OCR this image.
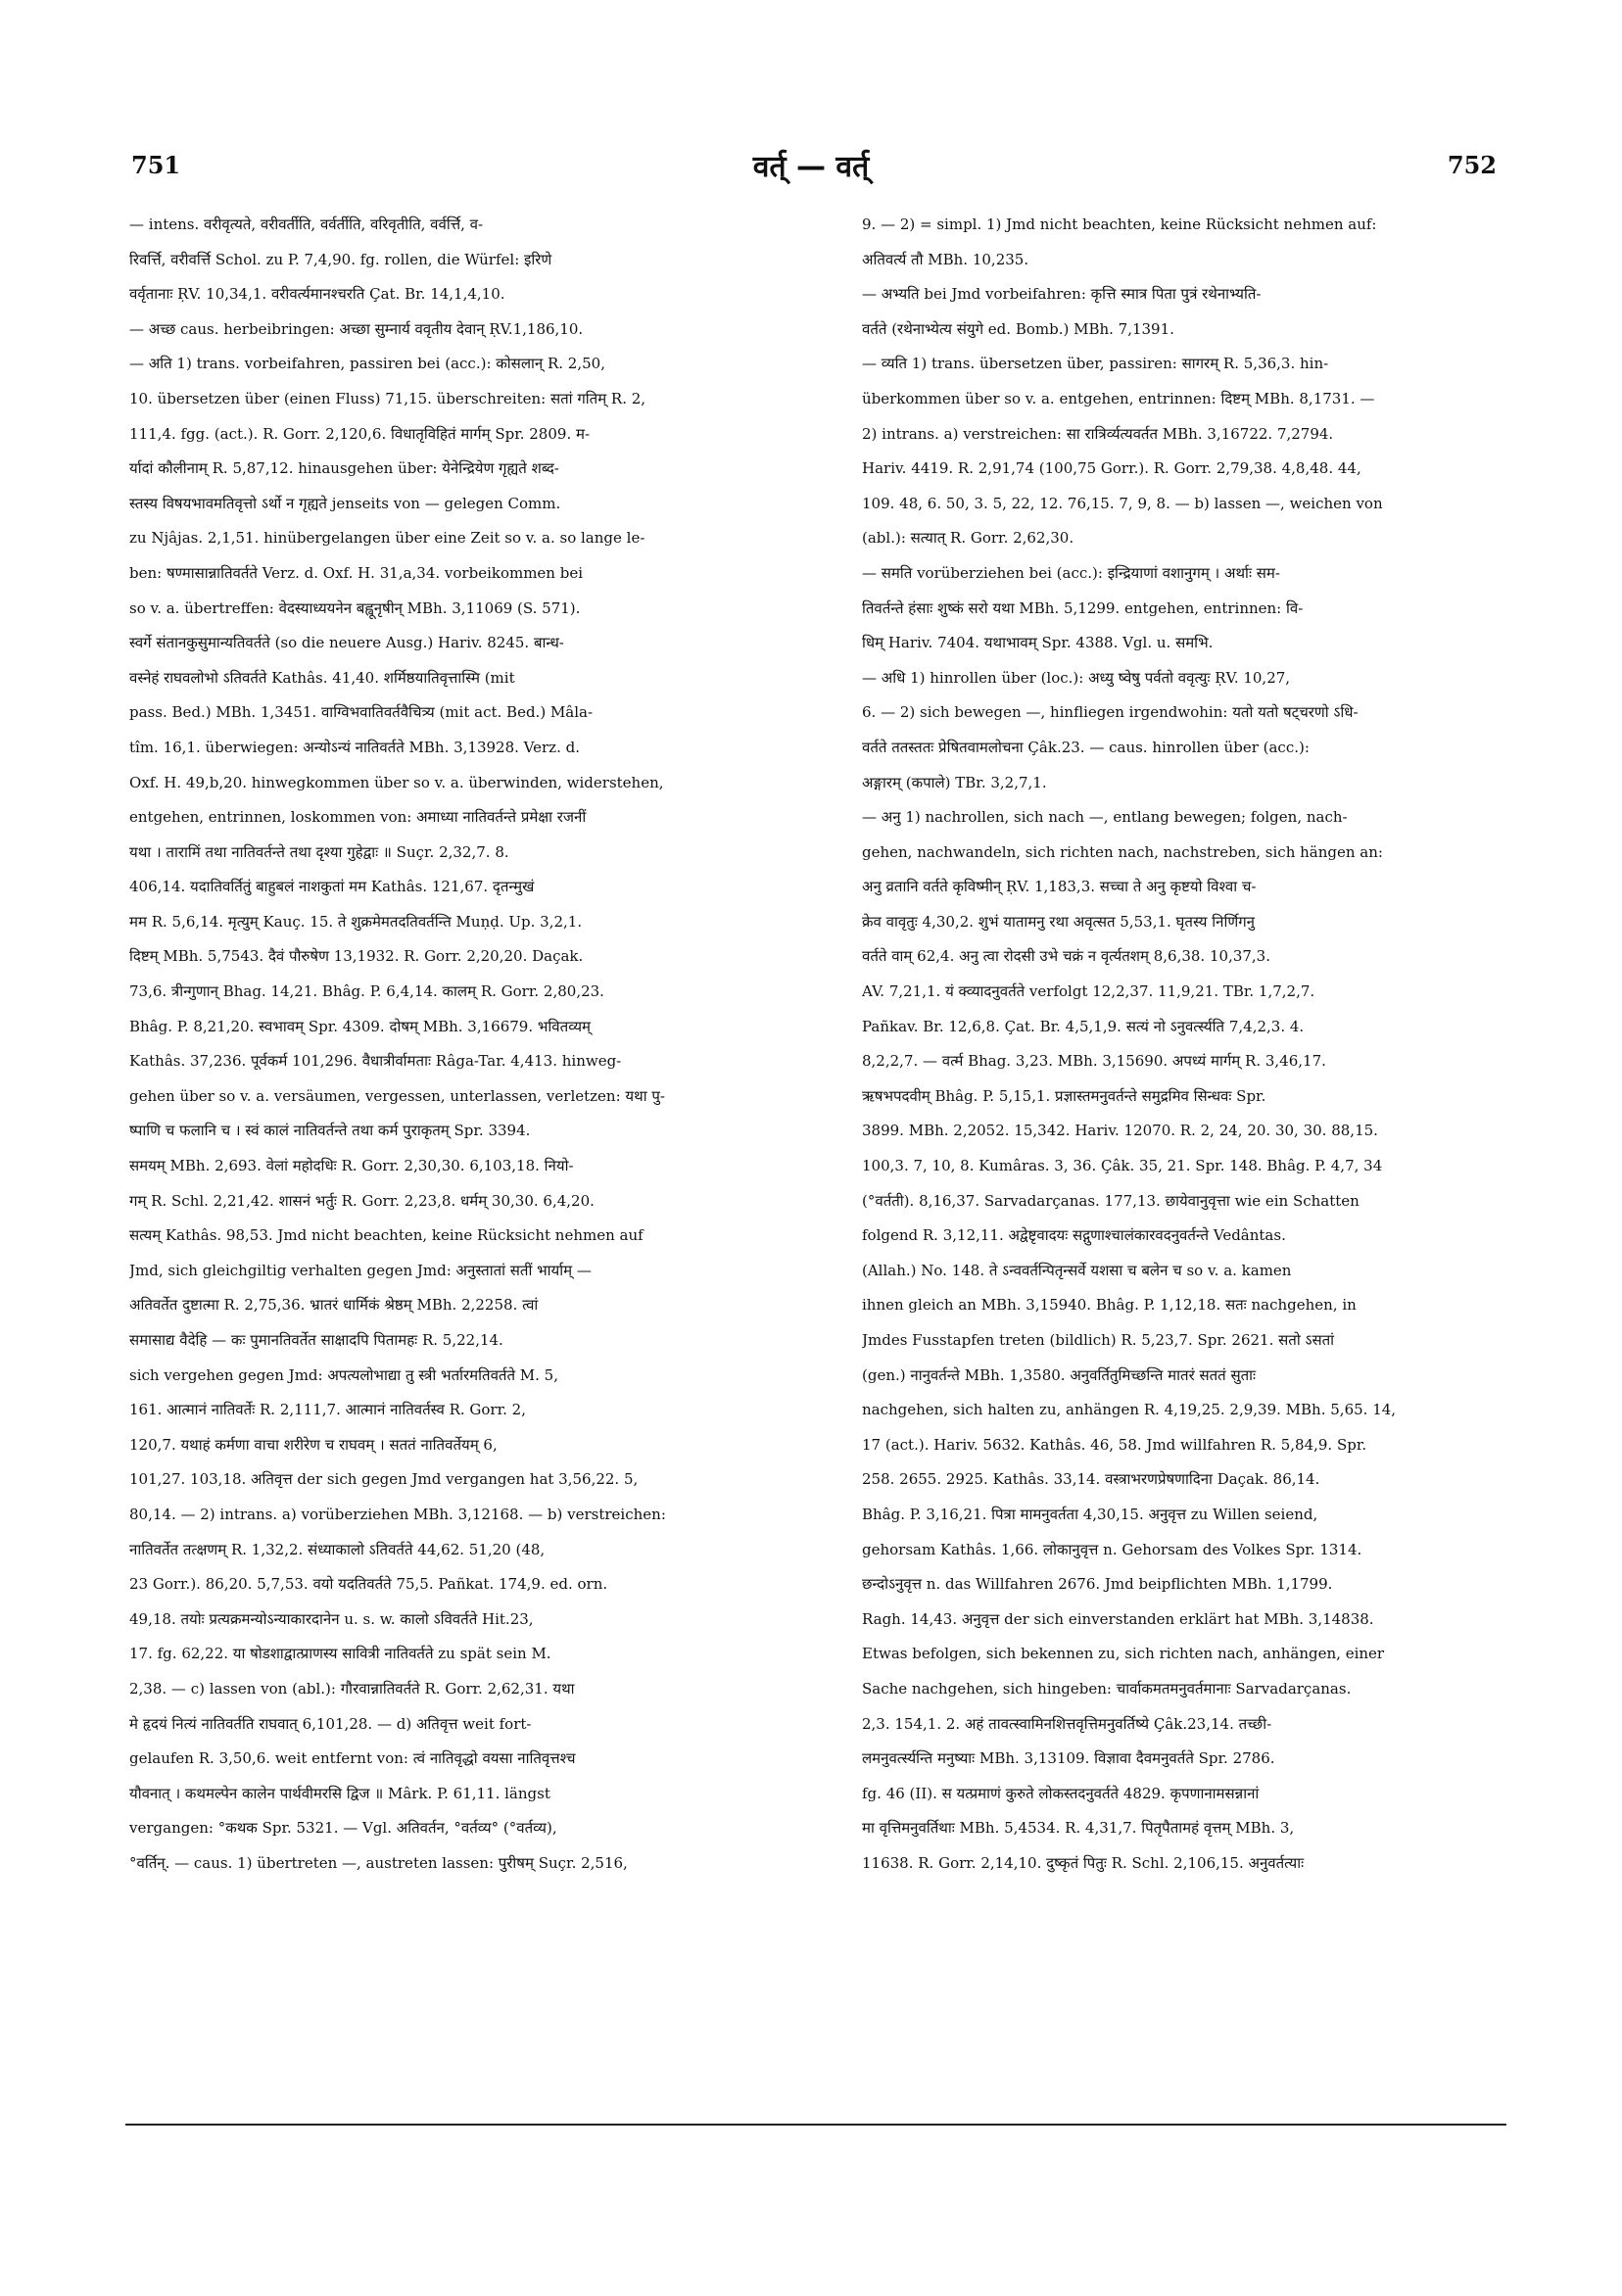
751	वर्त् — वर्त्	752
— intens. वरीवृत्यते, वरीवर्तीति, वर्वर्तीति, वरिवृतीति, वर्वर्त्ति, व-
रिवर्त्ति, वरीवर्त्ति Schol. zu P. 7,4,90. fg. rollen, die Würfel: इरिणे
वर्वृतानाः ṚV. 10,34,1. वरीवर्त्यमानश्चरति Çat. Br. 14,1,4,10.
— अच्छ caus. herbeibringen: अच्छा सुम्नार्य ववृतीय देवान् ṚV.1,186,10.
— अति 1) trans. vorbeifahren, passiren bei (acc.): कोसलान् R. 2,50,
10. übersetzen über (einen Fluss) 71,15. überschreiten: सतां गतिम् R. 2,
111,4. fgg. (act.). R. Gorr. 2,120,6. विधातृविहितं मार्गम् Spr. 2809. म-
र्यादां कौलीनाम् R. 5,87,12. hinausgehen über: येनेन्द्रियेण गृह्यते शब्द-
स्तस्य विषयभावमतिवृत्तो ऽर्थो न गृह्यते jenseits von — gelegen Comm.
zu Njâjas. 2,1,51. hinübergelangen über eine Zeit so v. a. so lange le-
ben: षण्मासान्नातिवर्तते Verz. d. Oxf. H. 31,a,34. vorbeikommen bei
so v. a. übertreffen: वेदस्याध्ययनेन बह्वूनृषीन् MBh. 3,11069 (S. 571).
स्वर्गे संतानकुसुमान्यतिवर्तते (so die neuere Ausg.) Hariv. 8245. बान्ध-
वस्नेहं राघवलोभो ऽतिवर्तते Kathâs. 41,40. शर्मिष्ठयातिवृत्तास्मि (mit
pass. Bed.) MBh. 1,3451. वाग्विभवातिवर्तवैचित्र्य (mit act. Bed.) Mâla-
tîm. 16,1. überwiegen: अन्योऽन्यं नातिवर्तते MBh. 3,13928. Verz. d.
Oxf. H. 49,b,20. hinwegkommen über so v. a. überwinden, widerstehen,
entgehen, entrinnen, loskommen von: अमाध्या नातिवर्तन्ते प्रमेक्षा रजनीं
यथा । तारामिं तथा नातिवर्तन्ते तथा दृश्या गुहेद्वाः ॥ Suçr. 2,32,7. 8.
406,14. यदातिवर्तितुं बाहुबलं नाशकुतां मम Kathâs. 121,67. दृतन्मुखं
मम R. 5,6,14. मृत्युम् Kauç. 15. ते शुक्रमेमतदतिवर्तन्ति Muṇḍ. Up. 3,2,1.
दिष्टम् MBh. 5,7543. दैवं पौरुषेण 13,1932. R. Gorr. 2,20,20. Daçak.
73,6. त्रीन्गुणान् Bhag. 14,21. Bhâg. P. 6,4,14. कालम् R. Gorr. 2,80,23.
Bhâg. P. 8,21,20. स्वभावम् Spr. 4309. दोषम् MBh. 3,16679. भवितव्यम्
Kathâs. 37,236. पूर्वकर्म 101,296. वैधात्रीर्वामताः Râga-Tar. 4,413. hinweg-
gehen über so v. a. versäumen, vergessen, unterlassen, verletzen: यथा पु-
ष्पाणि च फलानि च । स्वं कालं नातिवर्तन्ते तथा कर्म पुराकृतम् Spr. 3394.
समयम् MBh. 2,693. वेलां महोदधिः R. Gorr. 2,30,30. 6,103,18. नियो-
गम् R. Schl. 2,21,42. शासनं भर्तुः R. Gorr. 2,23,8. धर्मम् 30,30. 6,4,20.
सत्यम् Kathâs. 98,53. Jmd nicht beachten, keine Rücksicht nehmen auf
Jmd, sich gleichgiltig verhalten gegen Jmd: अनुस्तातां सतीं भार्याम् —
अतिवर्तेत दुष्टात्मा R. 2,75,36. भ्रातरं धार्मिकं श्रेष्ठम् MBh. 2,2258. त्वां
समासाद्य वैदेहि — कः पुमानतिवर्तेत साक्षादपि पितामहः R. 5,22,14.
sich vergehen gegen Jmd: अपत्यलोभाद्या तु स्त्री भर्तारमतिवर्तते M. 5,
161. आत्मानं नातिवर्तेः R. 2,111,7. आत्मानं नातिवर्तस्व R. Gorr. 2,
120,7. यथाहं कर्मणा वाचा शरीरेण च राघवम् । सततं नातिवर्तेयम् 6,
101,27. 103,18. अतिवृत्त der sich gegen Jmd vergangen hat 3,56,22. 5,
80,14. — 2) intrans. a) vorüberziehen MBh. 3,12168. — b) verstreichen:
नातिवर्तेत तत्क्षणम् R. 1,32,2. संध्याकालो ऽतिवर्तते 44,62. 51,20 (48,
23 Gorr.). 86,20. 5,7,53. वयो यदतिवर्तते 75,5. Pañkat. 174,9. ed. orn.
49,18. तयोः प्रत्यक्रमन्योऽन्याकारदानेन u. s. w. कालो ऽविवर्तते Hit.23,
17. fg. 62,22. या षोडशाद्वात्प्राणस्य सावित्री नातिवर्तते zu spät sein M.
2,38. — c) lassen von (abl.): गौरवान्नातिवर्तते R. Gorr. 2,62,31. यथा
मे हृदयं नित्यं नातिवर्तति राघवात् 6,101,28. — d) अतिवृत्त weit fort-
gelaufen R. 3,50,6. weit entfernt von: त्वं नातिवृद्धो वयसा नातिवृत्तश्च
यौवनात् । कथमल्पेन कालेन पार्थवीमरसि द्विज ॥ Mârk. P. 61,11. längst
vergangen: °कथक Spr. 5321. — Vgl. अतिवर्तन, °वर्तव्य° (°वर्तव्य),
°वर्तिन्. — caus. 1) übertreten —, austreten lassen: पुरीषम् Suçr. 2,516,
9. — 2) = simpl. 1) Jmd nicht beachten, keine Rücksicht nehmen auf:
अतिवर्त्य तौ MBh. 10,235.
— अभ्यति bei Jmd vorbeifahren: कृत्ति स्मात्र पिता पुत्रं रथेनाभ्यति-
वर्तते (रथेनाभ्येत्य संयुगे ed. Bomb.) MBh. 7,1391.
— व्यति 1) trans. übersetzen über, passiren: सागरम् R. 5,36,3. hin-
überkommen über so v. a. entgehen, entrinnen: दिष्टम् MBh. 8,1731. —
2) intrans. a) verstreichen: सा रात्रिर्व्यत्यवर्तत MBh. 3,16722. 7,2794.
Hariv. 4419. R. 2,91,74 (100,75 Gorr.). R. Gorr. 2,79,38. 4,8,48. 44,
109. 48, 6. 50, 3. 5, 22, 12. 76,15. 7, 9, 8. — b) lassen —, weichen von
(abl.): सत्यात् R. Gorr. 2,62,30.
— समति vorüberziehen bei (acc.): इन्द्रियाणां वशानुगम् । अर्थाः सम-
तिवर्तन्ते हंसाः शुष्कं सरो यथा MBh. 5,1299. entgehen, entrinnen: वि-
धिम् Hariv. 7404. यथाभावम् Spr. 4388. Vgl. u. समभि.
— अधि 1) hinrollen über (loc.): अध्यु ष्वेषु पर्वतो ववृत्युः ṚV. 10,27,
6. — 2) sich bewegen —, hinfliegen irgendwohin: यतो यतो षट्चरणो ऽधि-
वर्तते ततस्ततः प्रेषितवामलोचना Çâk.23. — caus. hinrollen über (acc.):
अङ्गारम् (कपाले) TBr. 3,2,7,1.
— अनु 1) nachrollen, sich nach —, entlang bewegen; folgen, nach-
gehen, nachwandeln, sich richten nach, nachstreben, sich hängen an:
अनु व्रतानि वर्तते कृविष्मीन् ṚV. 1,183,3. सच्चा ते अनु कृष्टयो विश्वा च-
क्रेव वावृतुः 4,30,2. शुभं यातामनु रथा अवृत्सत 5,53,1. घृतस्य निर्णिगनु
वर्तते वाम् 62,4. अनु त्वा रोदसी उभे चक्रं न वृर्त्यतशम् 8,6,38. 10,37,3.
AV. 7,21,1. यं क्व्यादनुवर्तते verfolgt 12,2,37. 11,9,21. TBr. 1,7,2,7.
Pañkav. Br. 12,6,8. Çat. Br. 4,5,1,9. सत्यं नो ऽनुवर्त्स्यति 7,4,2,3. 4.
8,2,2,7. — वर्त्म Bhag. 3,23. MBh. 3,15690. अपध्यं मार्गम् R. 3,46,17.
ऋषभपदवीम् Bhâg. P. 5,15,1. प्रज्ञास्तमनुवर्तन्ते समुद्रमिव सिन्धवः Spr.
3899. MBh. 2,2052. 15,342. Hariv. 12070. R. 2, 24, 20. 30, 30. 88,15.
100,3. 7, 10, 8. Kumâras. 3, 36. Çâk. 35, 21. Spr. 148. Bhâg. P. 4,7, 34
(°वर्तती). 8,16,37. Sarvadarçanas. 177,13. छायेवानुवृत्ता wie ein Schatten
folgend R. 3,12,11. अद्वेष्टृवादयः सद्गुणाश्चालंकारवदनुवर्तन्ते Vedântas.
(Allah.) No. 148. ते ऽन्ववर्तन्पितृन्सर्वे यशसा च बलेन च so v. a. kamen
ihnen gleich an MBh. 3,15940. Bhâg. P. 1,12,18. सतः nachgehen, in
Jmdes Fusstapfen treten (bildlich) R. 5,23,7. Spr. 2621. सतो ऽसतां
(gen.) नानुवर्तन्ते MBh. 1,3580. अनुवर्तितुमिच्छन्ति मातरं सततं सुताः
nachgehen, sich halten zu, anhängen R. 4,19,25. 2,9,39. MBh. 5,65. 14,
17 (act.). Hariv. 5632. Kathâs. 46, 58. Jmd willfahren R. 5,84,9. Spr.
258. 2655. 2925. Kathâs. 33,14. वस्त्राभरणप्रेषणादिना Daçak. 86,14.
Bhâg. P. 3,16,21. पित्रा मामनुवर्तता 4,30,15. अनुवृत्त zu Willen seiend,
gehorsam Kathâs. 1,66. लोकानुवृत्त n. Gehorsam des Volkes Spr. 1314.
छन्दोऽनुवृत्त n. das Willfahren 2676. Jmd beipflichten MBh. 1,1799.
Ragh. 14,43. अनुवृत्त der sich einverstanden erklärt hat MBh. 3,14838.
Etwas befolgen, sich bekennen zu, sich richten nach, anhängen, einer
Sache nachgehen, sich hingeben: चार्वाकमतमनुवर्तमानाः Sarvadarçanas.
2,3. 154,1. 2. अहं तावत्स्वामिनशित्तवृत्तिमनुवर्तिष्ये Çâk.23,14. तच्छी-
लमनुवर्त्स्यन्ति मनुष्याः MBh. 3,13109. विज्ञावा दैवमनुवर्तते Spr. 2786.
fg. 46 (II). स यत्प्रमाणं कुरुते लोकस्तदनुवर्तते 4829. कृपणानामसन्नानां
मा वृत्तिमनुवर्तिथाः MBh. 5,4534. R. 4,31,7. पितृपैतामहं वृत्तम् MBh. 3,
11638. R. Gorr. 2,14,10. दुष्कृतं पितुः R. Schl. 2,106,15. अनुवर्तत्याः
